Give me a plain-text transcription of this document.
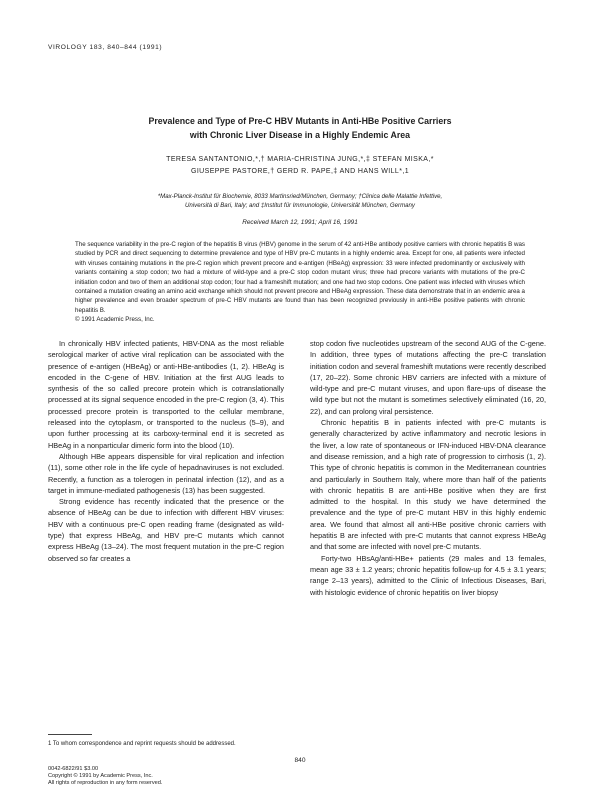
VIROLOGY 183, 840–844 (1991)
Prevalence and Type of Pre-C HBV Mutants in Anti-HBe Positive Carriers
with Chronic Liver Disease in a Highly Endemic Area
TERESA SANTANTONIO,*,† MARIA-CHRISTINA JUNG,*,‡ STEFAN MISKA,*
GIUSEPPE PASTORE,† GERD R. PAPE,‡ AND HANS WILL*,1
*Max-Planck-Institut für Biochemie, 8033 Martinsried/München, Germany; †Clinica delle Malattie Infettive,
Università di Bari, Italy; and ‡Institut für Immunologie, Universität München, Germany
Received March 12, 1991; April 16, 1991

The sequence variability in the pre-C region of the hepatitis B virus (HBV) genome in the serum of 42 anti-HBe antibody positive carriers with chronic hepatitis B was studied by PCR and direct sequencing to determine prevalence and type of HBV pre-C mutants in a highly endemic area. Except for one, all patients were infected with viruses containing mutations in the pre-C region which prevent precore and e-antigen (HBeAg) expression: 33 were infected predominantly or exclusively with variants containing a stop codon; two had a mixture of wild-type and a pre-C stop codon mutant virus; three had precore variants with mutations of the pre-C initiation codon and two of them an additional stop codon; four had a frameshift mutation; and one had two stop codons. One patient was infected with viruses which contained a mutation creating an amino acid exchange which should not prevent precore and HBeAg expression. These data demonstrate that in an endemic area a higher prevalence and even broader spectrum of pre-C HBV mutants are found than has been recognized previously in anti-HBe positive patients with chronic hepatitis B.

© 1991 Academic Press, Inc.

In chronically HBV infected patients, HBV-DNA as the most reliable serological marker of active viral replication can be associated with the presence of e-antigen (HBeAg) or anti-HBe-antibodies (1, 2). HBeAg is encoded in the C-gene of HBV. Initiation at the first AUG leads to synthesis of the so called precore protein which is cotranslationally processed at its signal sequence encoded in the pre-C region (3, 4). This processed precore protein is transported to the cellular membrane, released into the cytoplasm, or transported to the nucleus (5–9), and upon further processing at its carboxy-terminal end it is secreted as HBeAg in a nonparticular dimeric form into the blood (10).

Although HBe appears dispensible for viral replication and infection (11), some other role in the life cycle of hepadnaviruses is not excluded. Recently, a function as a tolerogen in perinatal infection (12), and as a target in immune-mediated pathogenesis (13) has been suggested.

Strong evidence has recently indicated that the presence or the absence of HBeAg can be due to infection with different HBV viruses: HBV with a continuous pre-C open reading frame (designated as wild-type) that express HBeAg, and HBV pre-C mutants which cannot express HBeAg (13–24). The most frequent mutation in the pre-C region observed so far creates a

stop codon five nucleotides upstream of the second AUG of the C-gene. In addition, three types of mutations affecting the pre-C translation initiation codon and several frameshift mutations were recently described (17, 20–22). Some chronic HBV carriers are infected with a mixture of wild-type and pre-C mutant viruses, and upon flare-ups of disease the wild type but not the mutant is sometimes selectively eliminated (16, 20, 22), and can prolong viral persistence.

Chronic hepatitis B in patients infected with pre-C mutants is generally characterized by active inflammatory and necrotic lesions in the liver, a low rate of spontaneous or IFN-induced HBV-DNA clearance and disease remission, and a high rate of progression to cirrhosis (1, 2). This type of chronic hepatitis is common in the Mediterranean countries and particularly in Southern Italy, where more than half of the patients with chronic hepatitis B are anti-HBe positive when they are first admitted to the hospital. In this study we have determined the prevalence and the type of pre-C mutant HBV in this highly endemic area. We found that almost all anti-HBe positive chronic carriers with hepatitis B are infected with pre-C mutants that cannot express HBeAg and that some are infected with novel pre-C mutants.

Forty-two HBsAg/anti-HBe+ patients (29 males and 13 females, mean age 33 ± 1.2 years; chronic hepatitis follow-up for 4.5 ± 3.1 years; range 2–13 years), admitted to the Clinic of Infectious Diseases, Bari, with histologic evidence of chronic hepatitis on liver biopsy

1 To whom correspondence and reprint requests should be addressed.
840
0042-6822/91 $3.00
Copyright © 1991 by Academic Press, Inc.
All rights of reproduction in any form reserved.
